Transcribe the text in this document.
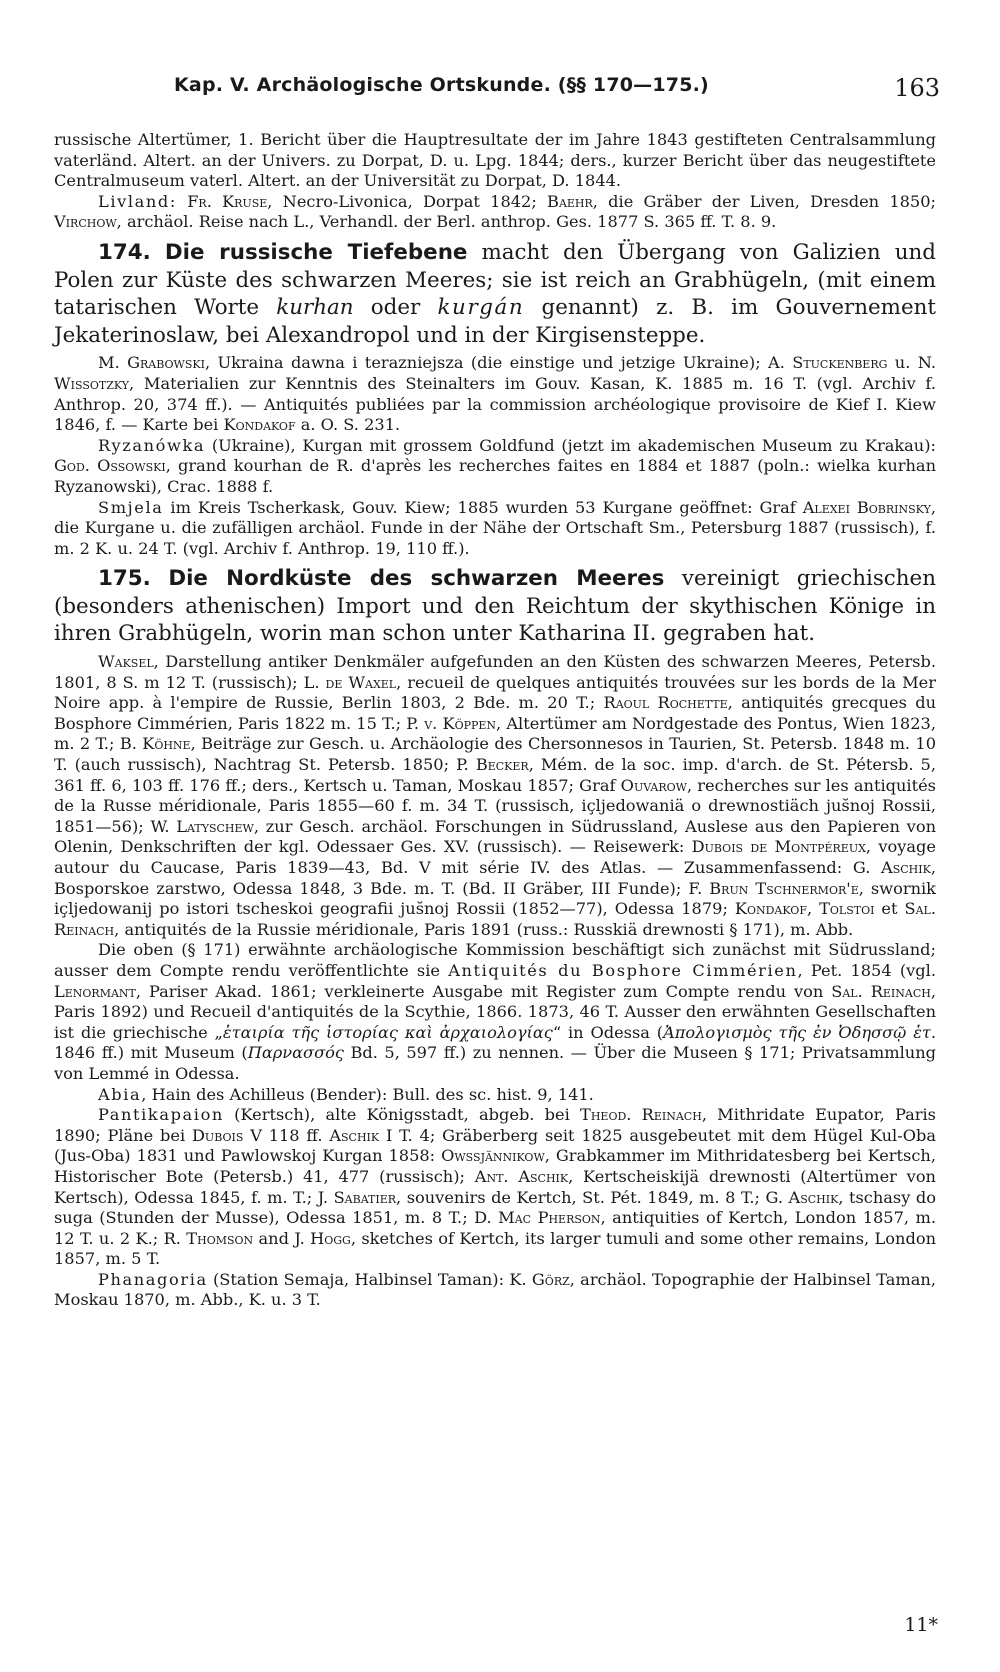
Kap. V. Archäologische Ortskunde. (§§ 170—175.)	163

russische Altertümer, 1. Bericht über die Hauptresultate der im Jahre 1843 gestifteten Centralsammlung vaterländ. Altert. an der Univers. zu Dorpat, D. u. Lpg. 1844; ders., kurzer Bericht über das neugestiftete Centralmuseum vaterl. Altert. an der Universität zu Dorpat, D. 1844.

Livland: Fr. Kruse, Necro-Livonica, Dorpat 1842; Baehr, die Gräber der Liven, Dresden 1850; Virchow, archäol. Reise nach L., Verhandl. der Berl. anthrop. Ges. 1877 S. 365 ff. T. 8. 9.

174. Die russische Tiefebene macht den Übergang von Galizien und Polen zur Küste des schwarzen Meeres; sie ist reich an Grabhügeln, (mit einem tatarischen Worte kurhan oder kurgán genannt) z. B. im Gouvernement Jekaterinoslaw, bei Alexandropol und in der Kirgisensteppe.

M. Grabowski, Ukraina dawna i terazniejsza (die einstige und jetzige Ukraine); A. Stuckenberg u. N. Wissotzky, Materialien zur Kenntnis des Steinalters im Gouv. Kasan, K. 1885 m. 16 T. (vgl. Archiv f. Anthrop. 20, 374 ff.). — Antiquités publiées par la commission archéologique provisoire de Kief I. Kiew 1846, f. — Karte bei Kondakof a. O. S. 231.

Ryzanówka (Ukraine), Kurgan mit grossem Goldfund (jetzt im akademischen Museum zu Krakau): God. Ossowski, grand kourhan de R. d'après les recherches faites en 1884 et 1887 (poln.: wielka kurhan Ryzanowski), Crac. 1888 f.

Smjela im Kreis Tscherkask, Gouv. Kiew; 1885 wurden 53 Kurgane geöffnet: Graf Alexei Bobrinsky, die Kurgane u. die zufälligen archäol. Funde in der Nähe der Ortschaft Sm., Petersburg 1887 (russisch), f. m. 2 K. u. 24 T. (vgl. Archiv f. Anthrop. 19, 110 ff.).

175. Die Nordküste des schwarzen Meeres vereinigt griechischen (besonders athenischen) Import und den Reichtum der skythischen Könige in ihren Grabhügeln, worin man schon unter Katharina II. gegraben hat.

Waksel, Darstellung antiker Denkmäler aufgefunden an den Küsten des schwarzen Meeres, Petersb. 1801, 8 S. m 12 T. (russisch); L. de Waxel, recueil de quelques antiquités trouvées sur les bords de la Mer Noire app. à l'empire de Russie, Berlin 1803, 2 Bde. m. 20 T.; Raoul Rochette, antiquités grecques du Bosphore Cimmérien, Paris 1822 m. 15 T.; P. v. Köppen, Altertümer am Nordgestade des Pontus, Wien 1823, m. 2 T.; B. Köhne, Beiträge zur Gesch. u. Archäologie des Chersonnesos in Taurien, St. Petersb. 1848 m. 10 T. (auch russisch), Nachtrag St. Petersb. 1850; P. Becker, Mém. de la soc. imp. d'arch. de St. Pétersb. 5, 361 ff. 6, 103 ff. 176 ff.; ders., Kertsch u. Taman, Moskau 1857; Graf Ouvarow, recherches sur les antiquités de la Russe méridionale, Paris 1855—60 f. m. 34 T. (russisch, içljedowaniä o drewnostiäch jus̆noj Rossii, 1851—56); W. Latyschew, zur Gesch. archäol. Forschungen in Südrussland, Auslese aus den Papieren von Olenin, Denkschriften der kgl. Odessaer Ges. XV. (russisch). — Reisewerk: Dubois de Montpéreux, voyage autour du Caucase, Paris 1839—43, Bd. V mit série IV. des Atlas. — Zusammenfassend: G. Aschik, Bosporskoe zarstwo, Odessa 1848, 3 Bde. m. T. (Bd. II Gräber, III Funde); F. Brun Tschnermor'e, swornik içljedowanij po istori tscheskoi geografii jus̆noj Rossii (1852—77), Odessa 1879; Kondakof, Tolstoi et Sal. Reinach, antiquités de la Russie méridionale, Paris 1891 (russ.: Russkiä drewnosti § 171), m. Abb.

Die oben (§ 171) erwähnte archäologische Kommission beschäftigt sich zunächst mit Südrussland; ausser dem Compte rendu veröffentlichte sie Antiquités du Bosphore Cimmérien, Pet. 1854 (vgl. Lenormant, Pariser Akad. 1861; verkleinerte Ausgabe mit Register zum Compte rendu von Sal. Reinach, Paris 1892) und Recueil d'antiquités de la Scythie, 1866. 1873, 46 T. Ausser den erwähnten Gesellschaften ist die griechische „ἑταιρία τῆς ἱστορίας καὶ ἀρχαιολογίας“ in Odessa (Ἀπολογισμὸς τῆς ἐν Ὀδησσῷ ἑτ. 1846 ff.) mit Museum (Παρνασσός Bd. 5, 597 ff.) zu nennen. — Über die Museen § 171; Privatsammlung von Lemmé in Odessa.

Abia, Hain des Achilleus (Bender): Bull. des sc. hist. 9, 141.

Pantikapaion (Kertsch), alte Königsstadt, abgeb. bei Theod. Reinach, Mithridate Eupator, Paris 1890; Pläne bei Dubois V 118 ff. Aschik I T. 4; Gräberberg seit 1825 ausgebeutet mit dem Hügel Kul-Oba (Jus-Oba) 1831 und Pawlowskoj Kurgan 1858: Owssjännikow, Grabkammer im Mithridatesberg bei Kertsch, Historischer Bote (Petersb.) 41, 477 (russisch); Ant. Aschik, Kertscheiskijä drewnosti (Altertümer von Kertsch), Odessa 1845, f. m. T.; J. Sabatier, souvenirs de Kertch, St. Pét. 1849, m. 8 T.; G. Aschik, tschasy do suga (Stunden der Musse), Odessa 1851, m. 8 T.; D. Mac Pherson, antiquities of Kertch, London 1857, m. 12 T. u. 2 K.; R. Thomson and J. Hogg, sketches of Kertch, its larger tumuli and some other remains, London 1857, m. 5 T.

Phanagoria (Station Semaja, Halbinsel Taman): K. Görz, archäol. Topographie der Halbinsel Taman, Moskau 1870, m. Abb., K. u. 3 T.

11*
